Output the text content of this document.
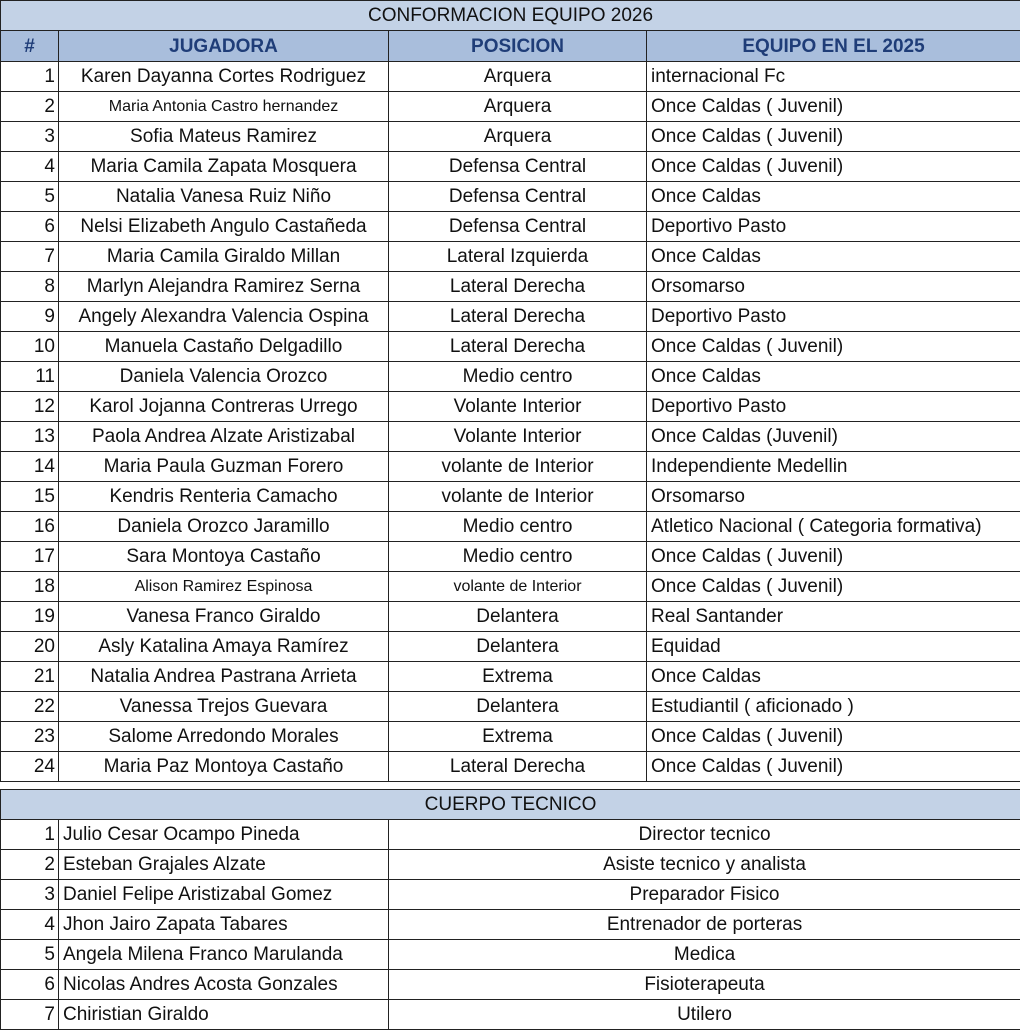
CONFORMACION EQUIPO 2026			
#	JUGADORA	POSICION	EQUIPO EN EL 2025
1	Karen Dayanna Cortes Rodriguez	Arquera	internacional Fc
2	Maria Antonia Castro hernandez	Arquera	Once Caldas ( Juvenil)
3	Sofia Mateus Ramirez	Arquera	Once Caldas ( Juvenil)
4	Maria Camila Zapata Mosquera	Defensa Central	Once Caldas ( Juvenil)
5	Natalia Vanesa Ruiz Niño	Defensa Central	Once Caldas
6	Nelsi Elizabeth Angulo Castañeda	Defensa Central	Deportivo Pasto
7	Maria Camila Giraldo Millan	Lateral Izquierda	Once Caldas
8	Marlyn Alejandra Ramirez Serna	Lateral Derecha	Orsomarso
9	Angely Alexandra Valencia Ospina	Lateral Derecha	Deportivo Pasto
10	Manuela Castaño Delgadillo	Lateral Derecha	Once Caldas ( Juvenil)
11	Daniela Valencia Orozco	Medio centro	Once Caldas
12	Karol Jojanna Contreras Urrego	Volante Interior	Deportivo Pasto
13	Paola Andrea Alzate Aristizabal	Volante Interior	Once Caldas (Juvenil)
14	Maria Paula Guzman Forero	volante de Interior	Independiente Medellin
15	Kendris Renteria Camacho	volante de Interior	Orsomarso
16	Daniela Orozco Jaramillo	Medio centro	Atletico Nacional ( Categoria formativa)
17	Sara Montoya Castaño	Medio centro	Once Caldas ( Juvenil)
18	Alison Ramirez Espinosa	volante de Interior	Once Caldas ( Juvenil)
19	Vanesa Franco Giraldo	Delantera	Real Santander
20	Asly Katalina Amaya Ramírez	Delantera	Equidad
21	Natalia Andrea Pastrana Arrieta	Extrema	Once Caldas
22	Vanessa Trejos Guevara	Delantera	Estudiantil ( aficionado )
23	Salome Arredondo Morales	Extrema	Once Caldas ( Juvenil)
24	Maria Paz Montoya Castaño	Lateral Derecha	Once Caldas ( Juvenil)
CUERPO TECNICO		
1	Julio Cesar Ocampo Pineda	Director tecnico
2	Esteban Grajales Alzate	Asiste tecnico y analista
3	Daniel Felipe Aristizabal Gomez	Preparador Fisico
4	Jhon Jairo Zapata Tabares	Entrenador de porteras
5	Angela Milena Franco Marulanda	Medica
6	Nicolas Andres Acosta Gonzales	Fisioterapeuta
7	Chiristian Giraldo	Utilero
